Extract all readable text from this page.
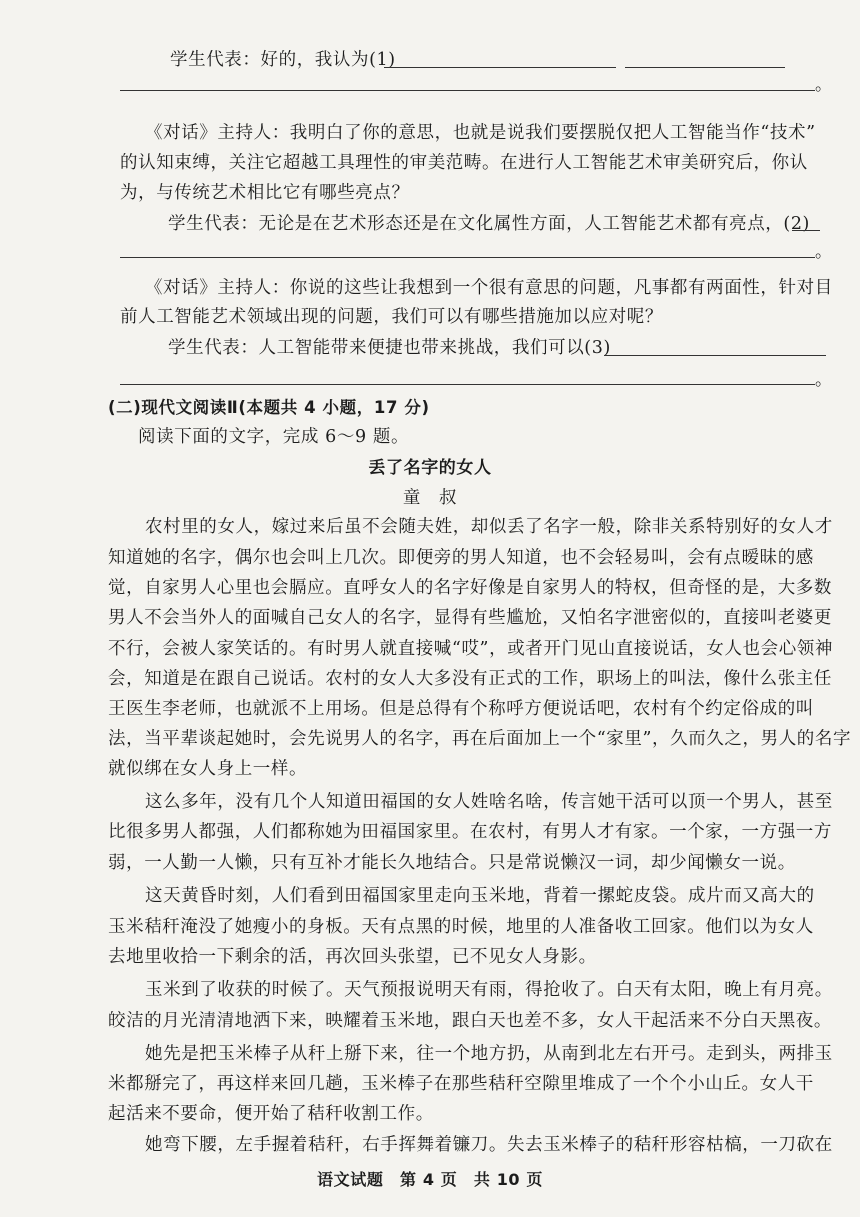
学生代表：好的，我认为(1)
。
《对话》主持人：我明白了你的意思，也就是说我们要摆脱仅把人工智能当作“技术”
的认知束缚，关注它超越工具理性的审美范畴。在进行人工智能艺术审美研究后，你认
为，与传统艺术相比它有哪些亮点？
学生代表：无论是在艺术形态还是在文化属性方面，人工智能艺术都有亮点，(2)
。
《对话》主持人：你说的这些让我想到一个很有意思的问题，凡事都有两面性，针对目
前人工智能艺术领域出现的问题，我们可以有哪些措施加以应对呢？
学生代表：人工智能带来便捷也带来挑战，我们可以(3)
。
(二)现代文阅读Ⅱ(本题共 4 小题，17 分)
阅读下面的文字，完成 6～9 题。
丢了名字的女人
童　叔
农村里的女人，嫁过来后虽不会随夫姓，却似丢了名字一般，除非关系特别好的女人才
知道她的名字，偶尔也会叫上几次。即便旁的男人知道，也不会轻易叫，会有点暧昧的感
觉，自家男人心里也会膈应。直呼女人的名字好像是自家男人的特权，但奇怪的是，大多数
男人不会当外人的面喊自己女人的名字，显得有些尴尬，又怕名字泄密似的，直接叫老婆更
不行，会被人家笑话的。有时男人就直接喊“哎”，或者开门见山直接说话，女人也会心领神
会，知道是在跟自己说话。农村的女人大多没有正式的工作，职场上的叫法，像什么张主任
王医生李老师，也就派不上用场。但是总得有个称呼方便说话吧，农村有个约定俗成的叫
法，当平辈谈起她时，会先说男人的名字，再在后面加上一个“家里”，久而久之，男人的名字
就似绑在女人身上一样。
这么多年，没有几个人知道田福国的女人姓啥名啥，传言她干活可以顶一个男人，甚至
比很多男人都强，人们都称她为田福国家里。在农村，有男人才有家。一个家，一方强一方
弱，一人勤一人懒，只有互补才能长久地结合。只是常说懒汉一词，却少闻懒女一说。
这天黄昏时刻，人们看到田福国家里走向玉米地，背着一摞蛇皮袋。成片而又高大的
玉米秸秆淹没了她瘦小的身板。天有点黑的时候，地里的人准备收工回家。他们以为女人
去地里收拾一下剩余的活，再次回头张望，已不见女人身影。
玉米到了收获的时候了。天气预报说明天有雨，得抢收了。白天有太阳，晚上有月亮。
皎洁的月光清清地洒下来，映耀着玉米地，跟白天也差不多，女人干起活来不分白天黑夜。
她先是把玉米棒子从秆上掰下来，往一个地方扔，从南到北左右开弓。走到头，两排玉
米都掰完了，再这样来回几趟，玉米棒子在那些秸秆空隙里堆成了一个个小山丘。女人干
起活来不要命，便开始了秸秆收割工作。
她弯下腰，左手握着秸秆，右手挥舞着镰刀。失去玉米棒子的秸秆形容枯槁，一刀砍在
语文试题　第 4 页　共 10 页
